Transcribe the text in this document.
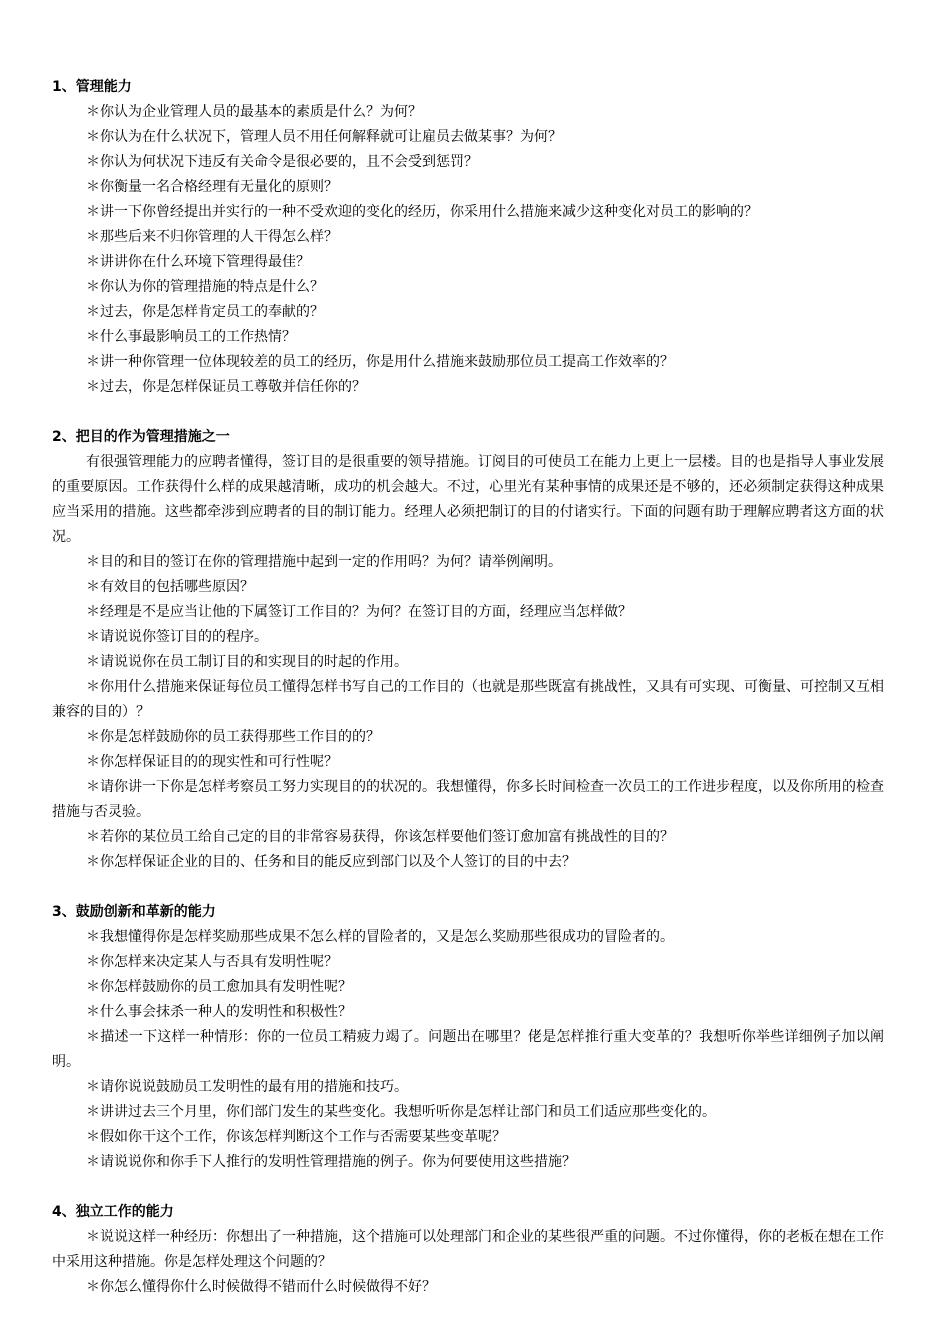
1、管理能力

＊你认为企业管理人员的最基本的素质是什么？为何？

＊你认为在什么状况下，管理人员不用任何解释就可让雇员去做某事？为何？

＊你认为何状况下违反有关命令是很必要的，且不会受到惩罚？

＊你衡量一名合格经理有无量化的原则？

＊讲一下你曾经提出并实行的一种不受欢迎的变化的经历，你采用什么措施来减少这种变化对员工的影响的？

＊那些后来不归你管理的人干得怎么样？

＊讲讲你在什么环境下管理得最佳？

＊你认为你的管理措施的特点是什么？

＊过去，你是怎样肯定员工的奉献的？

＊什么事最影响员工的工作热情？

＊讲一种你管理一位体现较差的员工的经历，你是用什么措施来鼓励那位员工提高工作效率的？

＊过去，你是怎样保证员工尊敬并信任你的？

2、把目的作为管理措施之一

有很强管理能力的应聘者懂得，签订目的是很重要的领导措施。订阅目的可使员工在能力上更上一层楼。目的也是指导人事业发展的重要原因。工作获得什么样的成果越清晰，成功的机会越大。不过，心里光有某种事情的成果还是不够的，还必须制定获得这种成果应当采用的措施。这些都牵涉到应聘者的目的制订能力。经理人必须把制订的目的付诸实行。下面的问题有助于理解应聘者这方面的状况。

＊目的和目的签订在你的管理措施中起到一定的作用吗？为何？请举例阐明。

＊有效目的包括哪些原因？

＊经理是不是应当让他的下属签订工作目的？为何？在签订目的方面，经理应当怎样做？

＊请说说你签订目的的程序。

＊请说说你在员工制订目的和实现目的时起的作用。

＊你用什么措施来保证每位员工懂得怎样书写自己的工作目的（也就是那些既富有挑战性，又具有可实现、可衡量、可控制又互相兼容的目的）？

＊你是怎样鼓励你的员工获得那些工作目的的？

＊你怎样保证目的的现实性和可行性呢？

＊请你讲一下你是怎样考察员工努力实现目的的状况的。我想懂得，你多长时间检查一次员工的工作进步程度，以及你所用的检查措施与否灵验。

＊若你的某位员工给自己定的目的非常容易获得，你该怎样要他们签订愈加富有挑战性的目的？

＊你怎样保证企业的目的、任务和目的能反应到部门以及个人签订的目的中去？

3、鼓励创新和革新的能力

＊我想懂得你是怎样奖励那些成果不怎么样的冒险者的，又是怎么奖励那些很成功的冒险者的。

＊你怎样来决定某人与否具有发明性呢？

＊你怎样鼓励你的员工愈加具有发明性呢？

＊什么事会抹杀一种人的发明性和积极性？

＊描述一下这样一种情形：你的一位员工精疲力竭了。问题出在哪里？佬是怎样推行重大变革的？我想听你举些详细例子加以阐明。

＊请你说说鼓励员工发明性的最有用的措施和技巧。

＊讲讲过去三个月里，你们部门发生的某些变化。我想听听你是怎样让部门和员工们适应那些变化的。

＊假如你干这个工作，你该怎样判断这个工作与否需要某些变革呢？

＊请说说你和你手下人推行的发明性管理措施的例子。你为何要使用这些措施？

4、独立工作的能力

＊说说这样一种经历：你想出了一种措施，这个措施可以处理部门和企业的某些很严重的问题。不过你懂得，你的老板在想在工作中采用这种措施。你是怎样处理这个问题的？

＊你怎么懂得你什么时候做得不错而什么时候做得不好？
